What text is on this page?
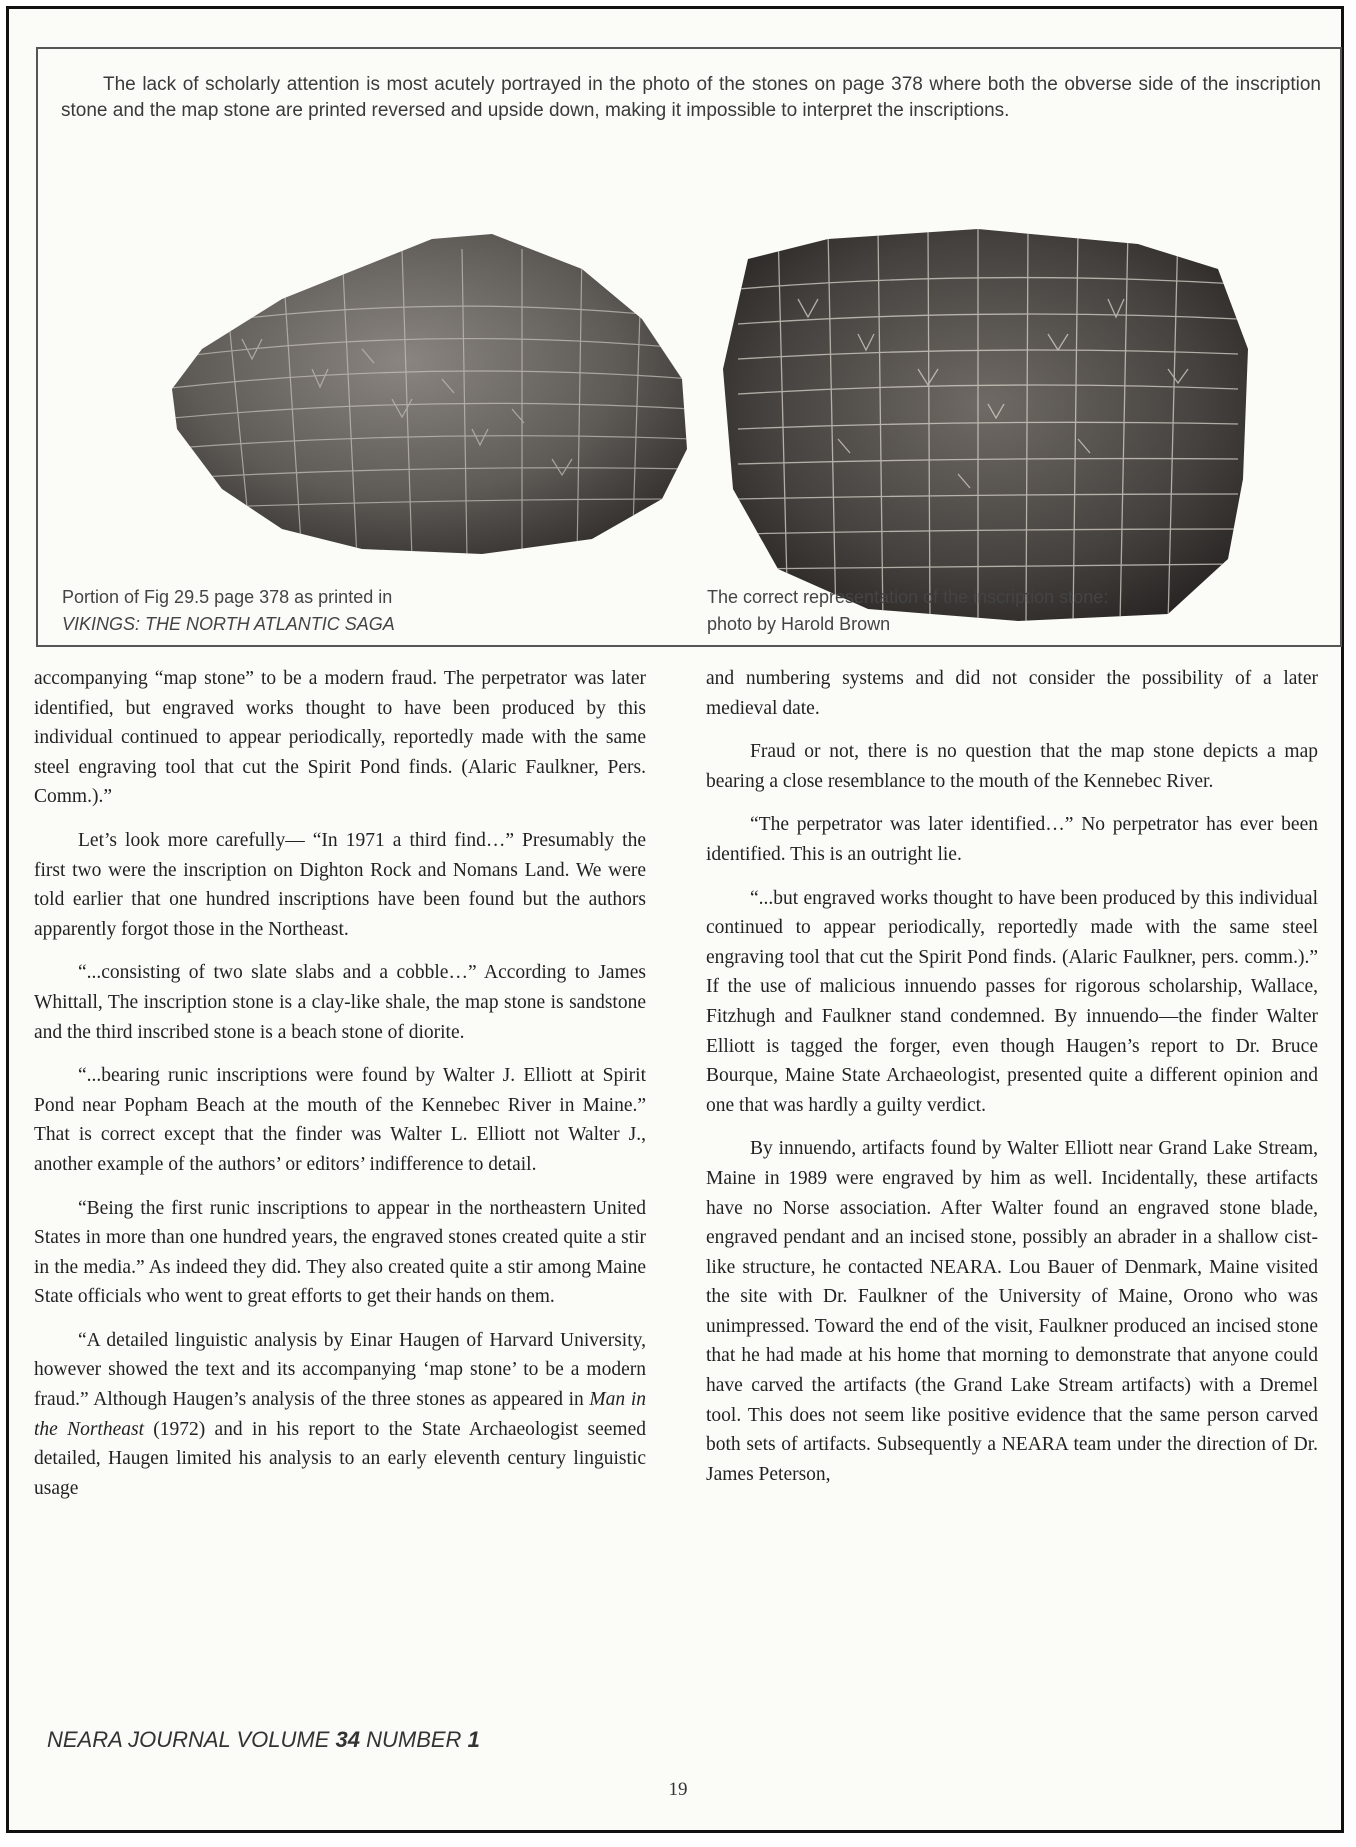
The lack of scholarly attention is most acutely portrayed in the photo of the stones on page 378 where both the obverse side of the inscription stone and the map stone are printed reversed and upside down, making it impossible to interpret the inscriptions.

Portion of Fig 29.5 page 378 as printed in
VIKINGS: THE NORTH ATLANTIC SAGA

The correct representation of the inscription stone:
photo by Harold Brown

accompanying “map stone” to be a modern fraud. The perpetrator was later identified, but engraved works thought to have been produced by this individual continued to appear periodically, reportedly made with the same steel engraving tool that cut the Spirit Pond finds. (Alaric Faulkner, Pers. Comm.).”

Let’s look more carefully— “In 1971 a third find…” Presumably the first two were the inscription on Dighton Rock and Nomans Land. We were told earlier that one hundred inscriptions have been found but the authors apparently forgot those in the Northeast.

“...consisting of two slate slabs and a cobble…” According to James Whittall, The inscription stone is a clay-like shale, the map stone is sandstone and the third inscribed stone is a beach stone of diorite.

“...bearing runic inscriptions were found by Walter J. Elliott at Spirit Pond near Popham Beach at the mouth of the Kennebec River in Maine.” That is correct except that the finder was Walter L. Elliott not Walter J., another example of the authors’ or editors’ indifference to detail.

“Being the first runic inscriptions to appear in the northeastern United States in more than one hundred years, the engraved stones created quite a stir in the media.” As indeed they did. They also created quite a stir among Maine State officials who went to great efforts to get their hands on them.

“A detailed linguistic analysis by Einar Haugen of Harvard University, however showed the text and its accompanying ‘map stone’ to be a modern fraud.” Although Haugen’s analysis of the three stones as appeared in Man in the Northeast (1972) and in his report to the State Archaeologist seemed detailed, Haugen limited his analysis to an early eleventh century linguistic usage

and numbering systems and did not consider the possibility of a later medieval date.

Fraud or not, there is no question that the map stone depicts a map bearing a close resemblance to the mouth of the Kennebec River.

“The perpetrator was later identified…” No perpetrator has ever been identified. This is an outright lie.

“...but engraved works thought to have been produced by this individual continued to appear periodically, reportedly made with the same steel engraving tool that cut the Spirit Pond finds. (Alaric Faulkner, pers. comm.).” If the use of malicious innuendo passes for rigorous scholarship, Wallace, Fitzhugh and Faulkner stand condemned. By innuendo—the finder Walter Elliott is tagged the forger, even though Haugen’s report to Dr. Bruce Bourque, Maine State Archaeologist, presented quite a different opinion and one that was hardly a guilty verdict.

By innuendo, artifacts found by Walter Elliott near Grand Lake Stream, Maine in 1989 were engraved by him as well. Incidentally, these artifacts have no Norse association. After Walter found an engraved stone blade, engraved pendant and an incised stone, possibly an abrader in a shallow cist-like structure, he contacted NEARA. Lou Bauer of Denmark, Maine visited the site with Dr. Faulkner of the University of Maine, Orono who was unimpressed. Toward the end of the visit, Faulkner produced an incised stone that he had made at his home that morning to demonstrate that anyone could have carved the artifacts (the Grand Lake Stream artifacts) with a Dremel tool. This does not seem like positive evidence that the same person carved both sets of artifacts. Subsequently a NEARA team under the direction of Dr. James Peterson,

NEARA JOURNAL VOLUME 34 NUMBER 1
19
